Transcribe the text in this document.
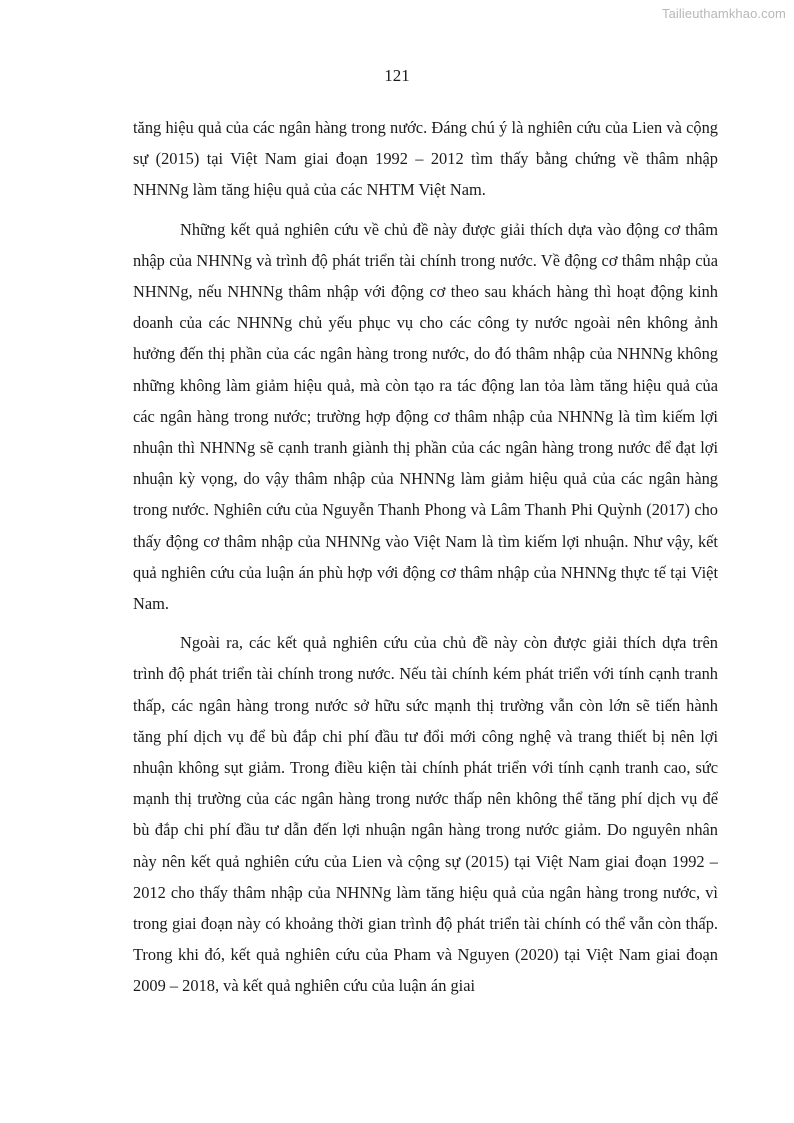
Tailieuthamkhao.com
121

tăng hiệu quả của các ngân hàng trong nước. Đáng chú ý là nghiên cứu của Lien và cộng sự (2015) tại Việt Nam giai đoạn 1992 – 2012 tìm thấy bằng chứng về thâm nhập NHNNg làm tăng hiệu quả của các NHTM Việt Nam.

Những kết quả nghiên cứu về chủ đề này được giải thích dựa vào động cơ thâm nhập của NHNNg và trình độ phát triển tài chính trong nước. Về động cơ thâm nhập của NHNNg, nếu NHNNg thâm nhập với động cơ theo sau khách hàng thì hoạt động kinh doanh của các NHNNg chủ yếu phục vụ cho các công ty nước ngoài nên không ảnh hưởng đến thị phần của các ngân hàng trong nước, do đó thâm nhập của NHNNg không những không làm giảm hiệu quả, mà còn tạo ra tác động lan tỏa làm tăng hiệu quả của các ngân hàng trong nước; trường hợp động cơ thâm nhập của NHNNg là tìm kiếm lợi nhuận thì NHNNg sẽ cạnh tranh giành thị phần của các ngân hàng trong nước để đạt lợi nhuận kỳ vọng, do vậy thâm nhập của NHNNg làm giảm hiệu quả của các ngân hàng trong nước. Nghiên cứu của Nguyễn Thanh Phong và Lâm Thanh Phi Quỳnh (2017) cho thấy động cơ thâm nhập của NHNNg vào Việt Nam là tìm kiếm lợi nhuận. Như vậy, kết quả nghiên cứu của luận án phù hợp với động cơ thâm nhập của NHNNg thực tế tại Việt Nam.

Ngoài ra, các kết quả nghiên cứu của chủ đề này còn được giải thích dựa trên trình độ phát triển tài chính trong nước. Nếu tài chính kém phát triển với tính cạnh tranh thấp, các ngân hàng trong nước sở hữu sức mạnh thị trường vẫn còn lớn sẽ tiến hành tăng phí dịch vụ để bù đắp chi phí đầu tư đổi mới công nghệ và trang thiết bị nên lợi nhuận không sụt giảm. Trong điều kiện tài chính phát triển với tính cạnh tranh cao, sức mạnh thị trường của các ngân hàng trong nước thấp nên không thể tăng phí dịch vụ để bù đắp chi phí đầu tư dẫn đến lợi nhuận ngân hàng trong nước giảm. Do nguyên nhân này nên kết quả nghiên cứu của Lien và cộng sự (2015) tại Việt Nam giai đoạn 1992 – 2012 cho thấy thâm nhập của NHNNg làm tăng hiệu quả của ngân hàng trong nước, vì trong giai đoạn này có khoảng thời gian trình độ phát triển tài chính có thể vẫn còn thấp. Trong khi đó, kết quả nghiên cứu của Pham và Nguyen (2020) tại Việt Nam giai đoạn 2009 – 2018, và kết quả nghiên cứu của luận án giai
